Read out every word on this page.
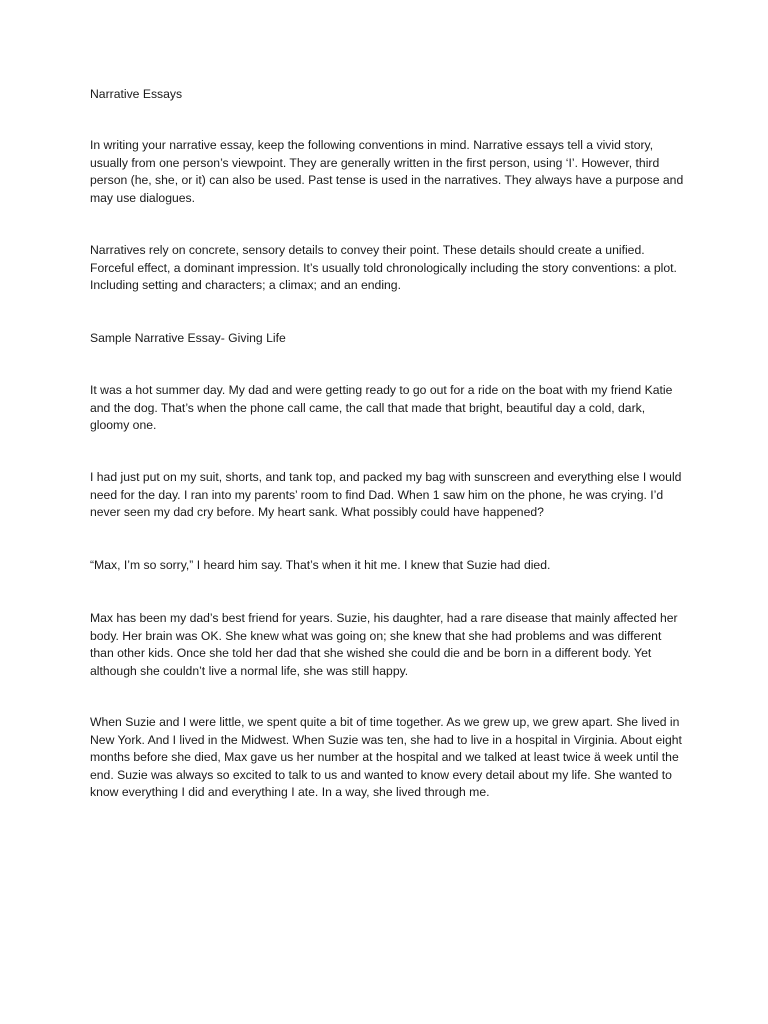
Narrative Essays

In writing your narrative essay, keep the following conventions in mind. Narrative essays tell a vivid story, usually from one person’s viewpoint. They are generally written in the first person, using ‘I’. However, third person (he, she, or it) can also be used. Past tense is used in the narratives. They always have a purpose and may use dialogues.

Narratives rely on concrete, sensory details to convey their point. These details should create a unified. Forceful effect, a dominant impression. It’s usually told chronologically including the story conventions: a plot. Including setting and characters; a climax; and an ending.

Sample Narrative Essay- Giving Life

It was a hot summer day. My dad and were getting ready to go out for a ride on the boat with my friend Katie and the dog. That’s when the phone call came, the call that made that bright, beautiful day a cold, dark, gloomy one.

I had just put on my suit, shorts, and tank top, and packed my bag with sunscreen and everything else I would need for the day. I ran into my parents’ room to find Dad. When 1 saw him on the phone, he was crying. I’d never seen my dad cry before. My heart sank. What possibly could have happened?

“Max, I’m so sorry,” I heard him say. That’s when it hit me. I knew that Suzie had died.

Max has been my dad’s best friend for years. Suzie, his daughter, had a rare disease that mainly affected her body. Her brain was OK. She knew what was going on; she knew that she had problems and was different than other kids. Once she told her dad that she wished she could die and be born in a different body. Yet although she couldn’t live a normal life, she was still happy.

When Suzie and I were little, we spent quite a bit of time together. As we grew up, we grew apart. She lived in New York. And I lived in the Midwest. When Suzie was ten, she had to live in a hospital in Virginia. About eight months before she died, Max gave us her number at the hospital and we talked at least twice ä week until the end. Suzie was always so excited to talk to us and wanted to know every detail about my life. She wanted to know everything I did and everything I ate. In a way, she lived through me.
